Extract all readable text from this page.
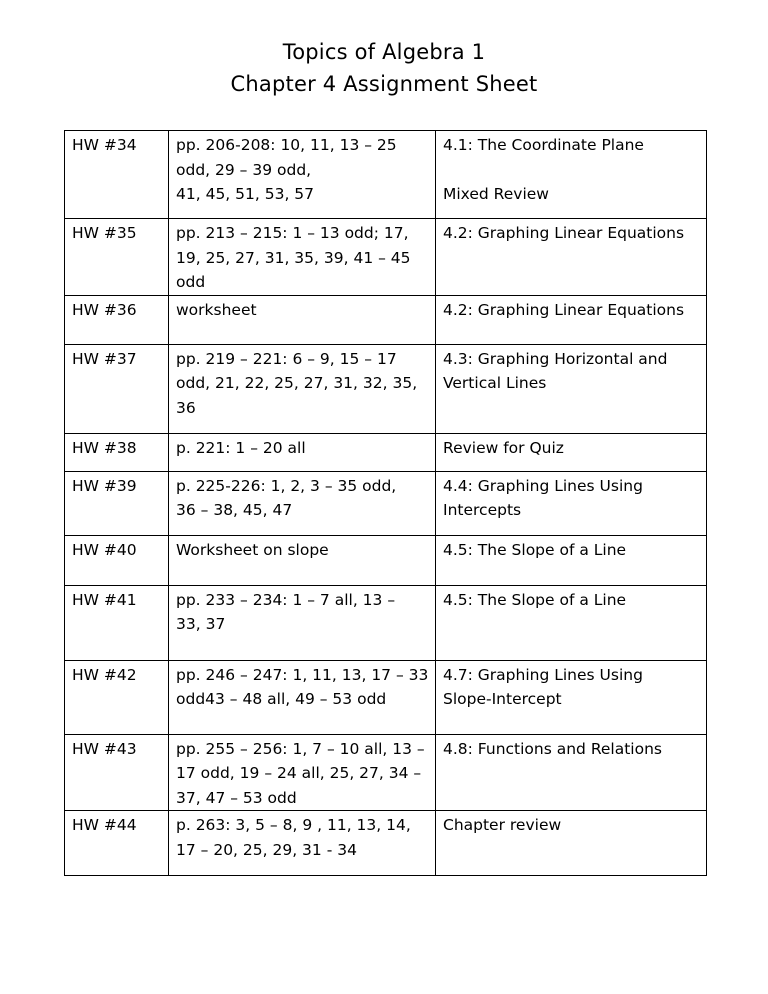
Topics of Algebra 1
Chapter 4 Assignment Sheet
HW #34	pp. 206-208: 10, 11, 13 – 25
odd, 29 – 39 odd,
41, 45, 51, 53, 57	4.1: The Coordinate Plane
Mixed Review

HW #35	pp. 213 – 215: 1 – 13 odd; 17,
19, 25, 27, 31, 35, 39, 41 – 45
odd	4.2: Graphing Linear Equations

HW #36	worksheet	4.2: Graphing Linear Equations

HW #37	pp. 219 – 221: 6 – 9, 15 – 17
odd, 21, 22, 25, 27, 31, 32, 35,
36	4.3: Graphing Horizontal and
Vertical Lines

HW #38	p. 221: 1 – 20 all	Review for Quiz

HW #39	p. 225-226: 1, 2, 3 – 35 odd,
36 – 38, 45, 47	4.4: Graphing Lines Using
Intercepts

HW #40	Worksheet on slope	4.5: The Slope of a Line

HW #41	pp. 233 – 234: 1 – 7 all, 13 –
33, 37	4.5: The Slope of a Line

HW #42	pp. 246 – 247: 1, 11, 13, 17 – 33
odd43 – 48 all, 49 – 53 odd	4.7: Graphing Lines Using
Slope-Intercept

HW #43	pp. 255 – 256: 1, 7 – 10 all, 13 –
17 odd, 19 – 24 all, 25, 27, 34 –
37, 47 – 53 odd	4.8: Functions and Relations

HW #44	p. 263: 3, 5 – 8, 9 , 11, 13, 14,
17 – 20, 25, 29, 31 - 34	Chapter review
